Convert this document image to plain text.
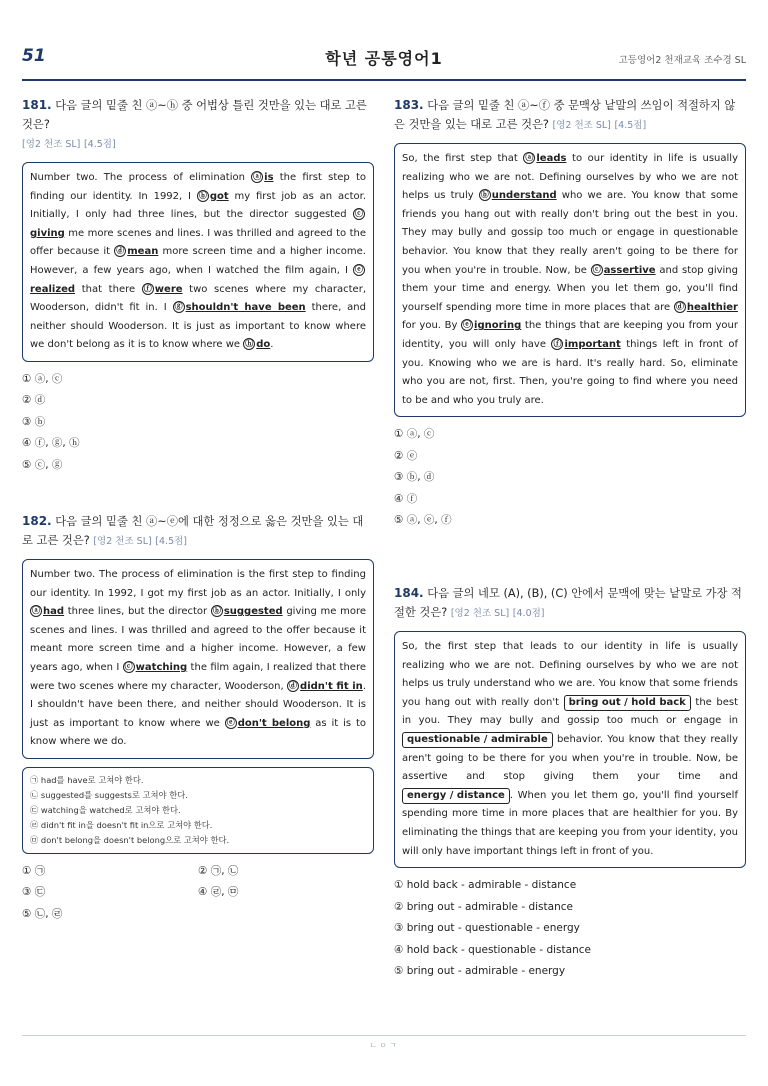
51	학년 공통영어1	고등영어2 천재교육 조수경 SL
181. 다음 글의 밑줄 친 ⓐ~ⓗ 중 어법상 틀린 것만을 있는 대로 고른 것은?
[영2 천조 SL] [4.5점]
Number two. The process of elimination ⓐ is the first step to finding our identity. In 1992, I ⓑ got my first job as an actor. Initially, I only had three lines, but the director suggested ⓒgiving me more scenes and lines. I was thrilled and agreed to the offer because it ⓓ mean more screen time and a higher income. However, a few years ago, when I watched the film again, I ⓔrealized that there ⓕ were two scenes where my character, Wooderson, didn't fit in. I ⓖ shouldn't have been there, and neither should Wooderson. It is just as important to know where we don't belong as it is to know where we ⓗ do.
① ⓐ, ⓒ
② ⓓ
③ ⓑ
④ ⓕ, ⓖ, ⓗ
⑤ ⓒ, ⓖ
182. 다음 글의 밑줄 친 ⓐ~ⓔ에 대한 정정으로 옳은 것만을 있는 대로 고른 것은? [영2 천조 SL] [4.5점]
Number two. The process of elimination is the first step to finding our identity. In 1992, I got my first job as an actor. Initially, I only ⓐ had three lines, but the director ⓑ suggested giving me more scenes and lines. I was thrilled and agreed to the offer because it meant more screen time and a higher income. However, a few years ago, when I ⓒ watching the film again, I realized that there were two scenes where my character, Wooderson, ⓓ didn't fit in. I shouldn't have been there, and neither should Wooderson. It is just as important to know where we ⓔ don't belong as it is to know where we do.
㉠ had를 have로 고쳐야 한다.
㉡ suggested를 suggests로 고쳐야 한다.
㉢ watching을 watched로 고쳐야 한다.
㉣ didn't fit in을 doesn't fit in으로 고쳐야 한다.
㉤ don't belong을 doesn't belong으로 고쳐야 한다.
① ㉠	② ㉠, ㉡
③ ㉢	④ ㉣, ㉤
⑤ ㉡, ㉣
183. 다음 글의 밑줄 친 ⓐ~ⓕ 중 문맥상 낱말의 쓰임이 적절하지 않은 것만을 있는 대로 고른 것은? [영2 천조 SL] [4.5점]
So, the first step that ⓐ leads to our identity in life is usually realizing who we are not. Defining ourselves by who we are not helps us truly ⓑ understand who we are. You know that some friends you hang out with really don't bring out the best in you. They may bully and gossip too much or engage in questionable behavior. You know that they really aren't going to be there for you when you're in trouble. Now, be ⓒ assertive and stop giving them your time and energy. When you let them go, you'll find yourself spending more time in more places that are ⓓ healthier for you. By ⓔ ignoring the things that are keeping you from your identity, you will only have ⓕ important things left in front of you. Knowing who we are is hard. It's really hard. So, eliminate who you are not, first. Then, you're going to find where you need to be and who you truly are.
① ⓐ, ⓒ
② ⓔ
③ ⓑ, ⓓ
④ ⓕ
⑤ ⓐ, ⓔ, ⓕ
184. 다음 글의 네모 (A), (B), (C) 안에서 문맥에 맞는 낱말로 가장 적절한 것은? [영2 천조 SL] [4.0점]
So, the first step that leads to our identity in life is usually realizing who we are not. Defining ourselves by who we are not helps us truly understand who we are. You know that some friends you hang out with really don't bring out / hold back the best in you. They may bully and gossip too much or engage in questionable / admirable behavior. You know that they really aren't going to be there for you when you're in trouble. Now, be assertive and stop giving them your time and energy / distance . When you let them go, you'll find yourself spending more time in more places that are healthier for you. By eliminating the things that are keeping you from your identity, you will only have important things left in front of you.
① hold back - admirable - distance
② bring out - admirable - distance
③ bring out - questionable - energy
④ hold back - questionable - distance
⑤ bring out - admirable - energy
ㄴㅇㄱ
